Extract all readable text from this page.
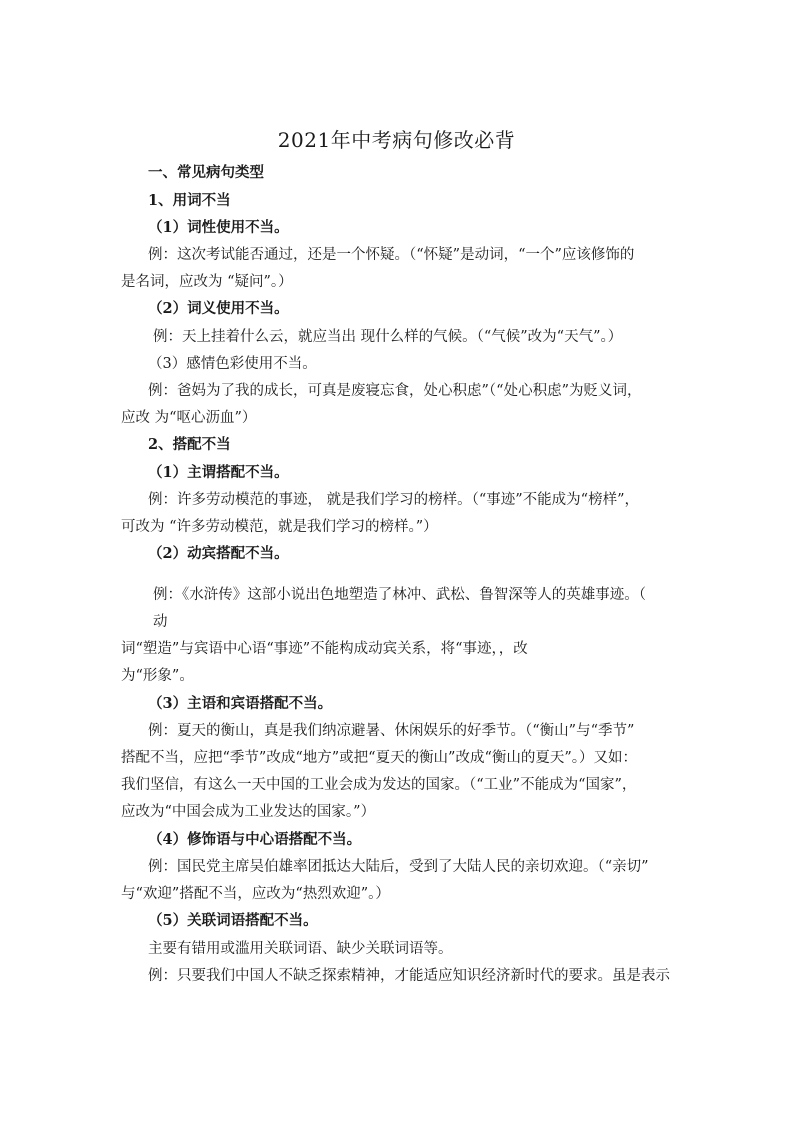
2021年中考病句修改必背
一、常见病句类型
1、用词不当
（1）词性使用不当。
例：这次考试能否通过，还是一个怀疑。（“怀疑”是动词，“一个”应该修饰的
是名词，应改为 “疑问”。）
（2）词义使用不当。
例：天上挂着什么云，就应当出 现什么样的气候。（“气候”改为“天气”。）
（3）感情色彩使用不当。
例：爸妈为了我的成长，可真是废寝忘食，处心积虑”（“处心积虑”为贬义词，
应改 为“呕心沥血”）
2、搭配不当
（1）主谓搭配不当。
例：许多劳动模范的事迹， 就是我们学习的榜样。（“事迹”不能成为“榜样”，
可改为 “许多劳动模范，就是我们学习的榜样。”）
（2）动宾搭配不当。
例：《水浒传》这部小说出色地塑造了林冲、武松、鲁智深等人的英雄事迹。（
动
词“塑造”与宾语中心语“事迹”不能构成动宾关系，将“事迹，，改
为“形象”。
（3）主语和宾语搭配不当。
例：夏天的衡山，真是我们纳凉避暑、休闲娱乐的好季节。（“衡山”与“季节”
搭配不当，应把“季节”改成“地方”或把“夏天的衡山”改成“衡山的夏天”。）又如：
我们坚信，有这么一天中国的工业会成为发达的国家。（“工业”不能成为“国家”，
应改为“中国会成为工业发达的国家。”）
（4）修饰语与中心语搭配不当。
例：国民党主席吴伯雄率团抵达大陆后，受到了大陆人民的亲切欢迎。（“亲切”
与“欢迎”搭配不当，应改为“热烈欢迎”。）
（5）关联词语搭配不当。
主要有错用或滥用关联词语、缺少关联词语等。
例：只要我们中国人不缺乏探索精神，才能适应知识经济新时代的要求。虽是表示
